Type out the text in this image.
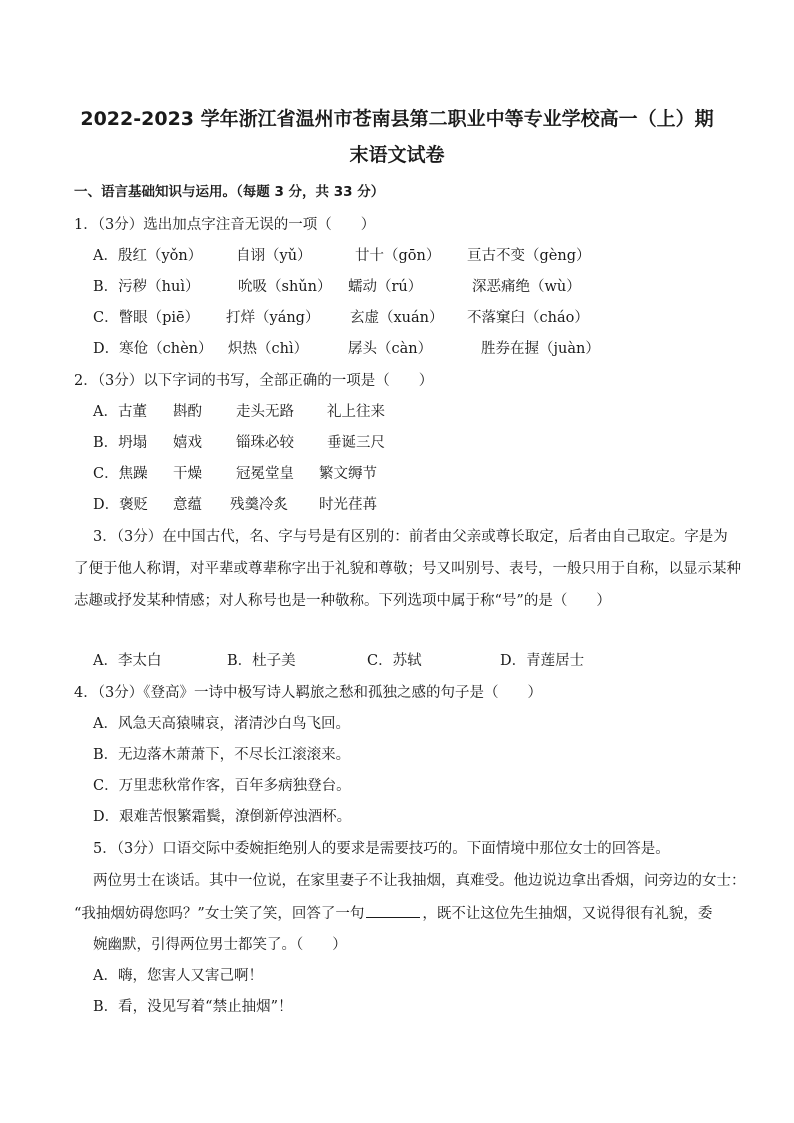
2022-2023 学年浙江省温州市苍南县第二职业中等专业学校高一（上）期
末语文试卷
一、语言基础知识与运用。（每题 3 分，共 33 分）
1．（3分）选出加点字注音无误的一项（　　）
A．殷红（yǒn） 自诩（yǔ）	廿十（gōn） 亘古不变（gèng）
B．污秽（huì）	吮吸（shǔn） 蠕动（rú）	深恶痛绝（wù）
C．瞥眼（piē） 打烊（yáng） 玄虚（xuán） 不落窠臼（cháo）
D．寒伧（chèn） 炽热（chì）	孱头（càn）	胜券在握（juàn）
2．（3分）以下字词的书写，全部正确的一项是（　　）
A．古董 斟酌 走头无路 礼上往来
B．坍塌 嬉戏 锱珠必较 垂诞三尺
C．焦躁 干燥 冠冕堂皇 繁文缛节
D．褒贬 意蕴 残羹冷炙 时光荏苒
3．（3分）在中国古代，名、字与号是有区别的：前者由父亲或尊长取定，后者由自己取定。字是为
了便于他人称谓，对平辈或尊辈称字出于礼貌和尊敬；号又叫别号、表号，一般只用于自称，以显示某种
志趣或抒发某种情感；对人称号也是一种敬称。下列选项中属于称“号”的是（　　）
A．李太白	B．杜子美	C．苏轼	D．青莲居士
4．（3分）《登高》一诗中极写诗人羁旅之愁和孤独之感的句子是（　　）
A．风急天高猿啸哀，渚清沙白鸟飞回。
B．无边落木萧萧下，不尽长江滚滚来。
C．万里悲秋常作客，百年多病独登台。
D．艰难苦恨繁霜鬓，潦倒新停浊酒杯。
5．（3分）口语交际中委婉拒绝别人的要求是需要技巧的。下面情境中那位女士的回答是。
两位男士在谈话。其中一位说，在家里妻子不让我抽烟，真难受。他边说边拿出香烟，问旁边的女士：
“我抽烟妨碍您吗？”女士笑了笑，回答了一句	，既不让这位先生抽烟，又说得很有礼貌，委
婉幽默，引得两位男士都笑了。（　　）
A．嗨，您害人又害己啊！
B．看，没见写着“禁止抽烟”！
